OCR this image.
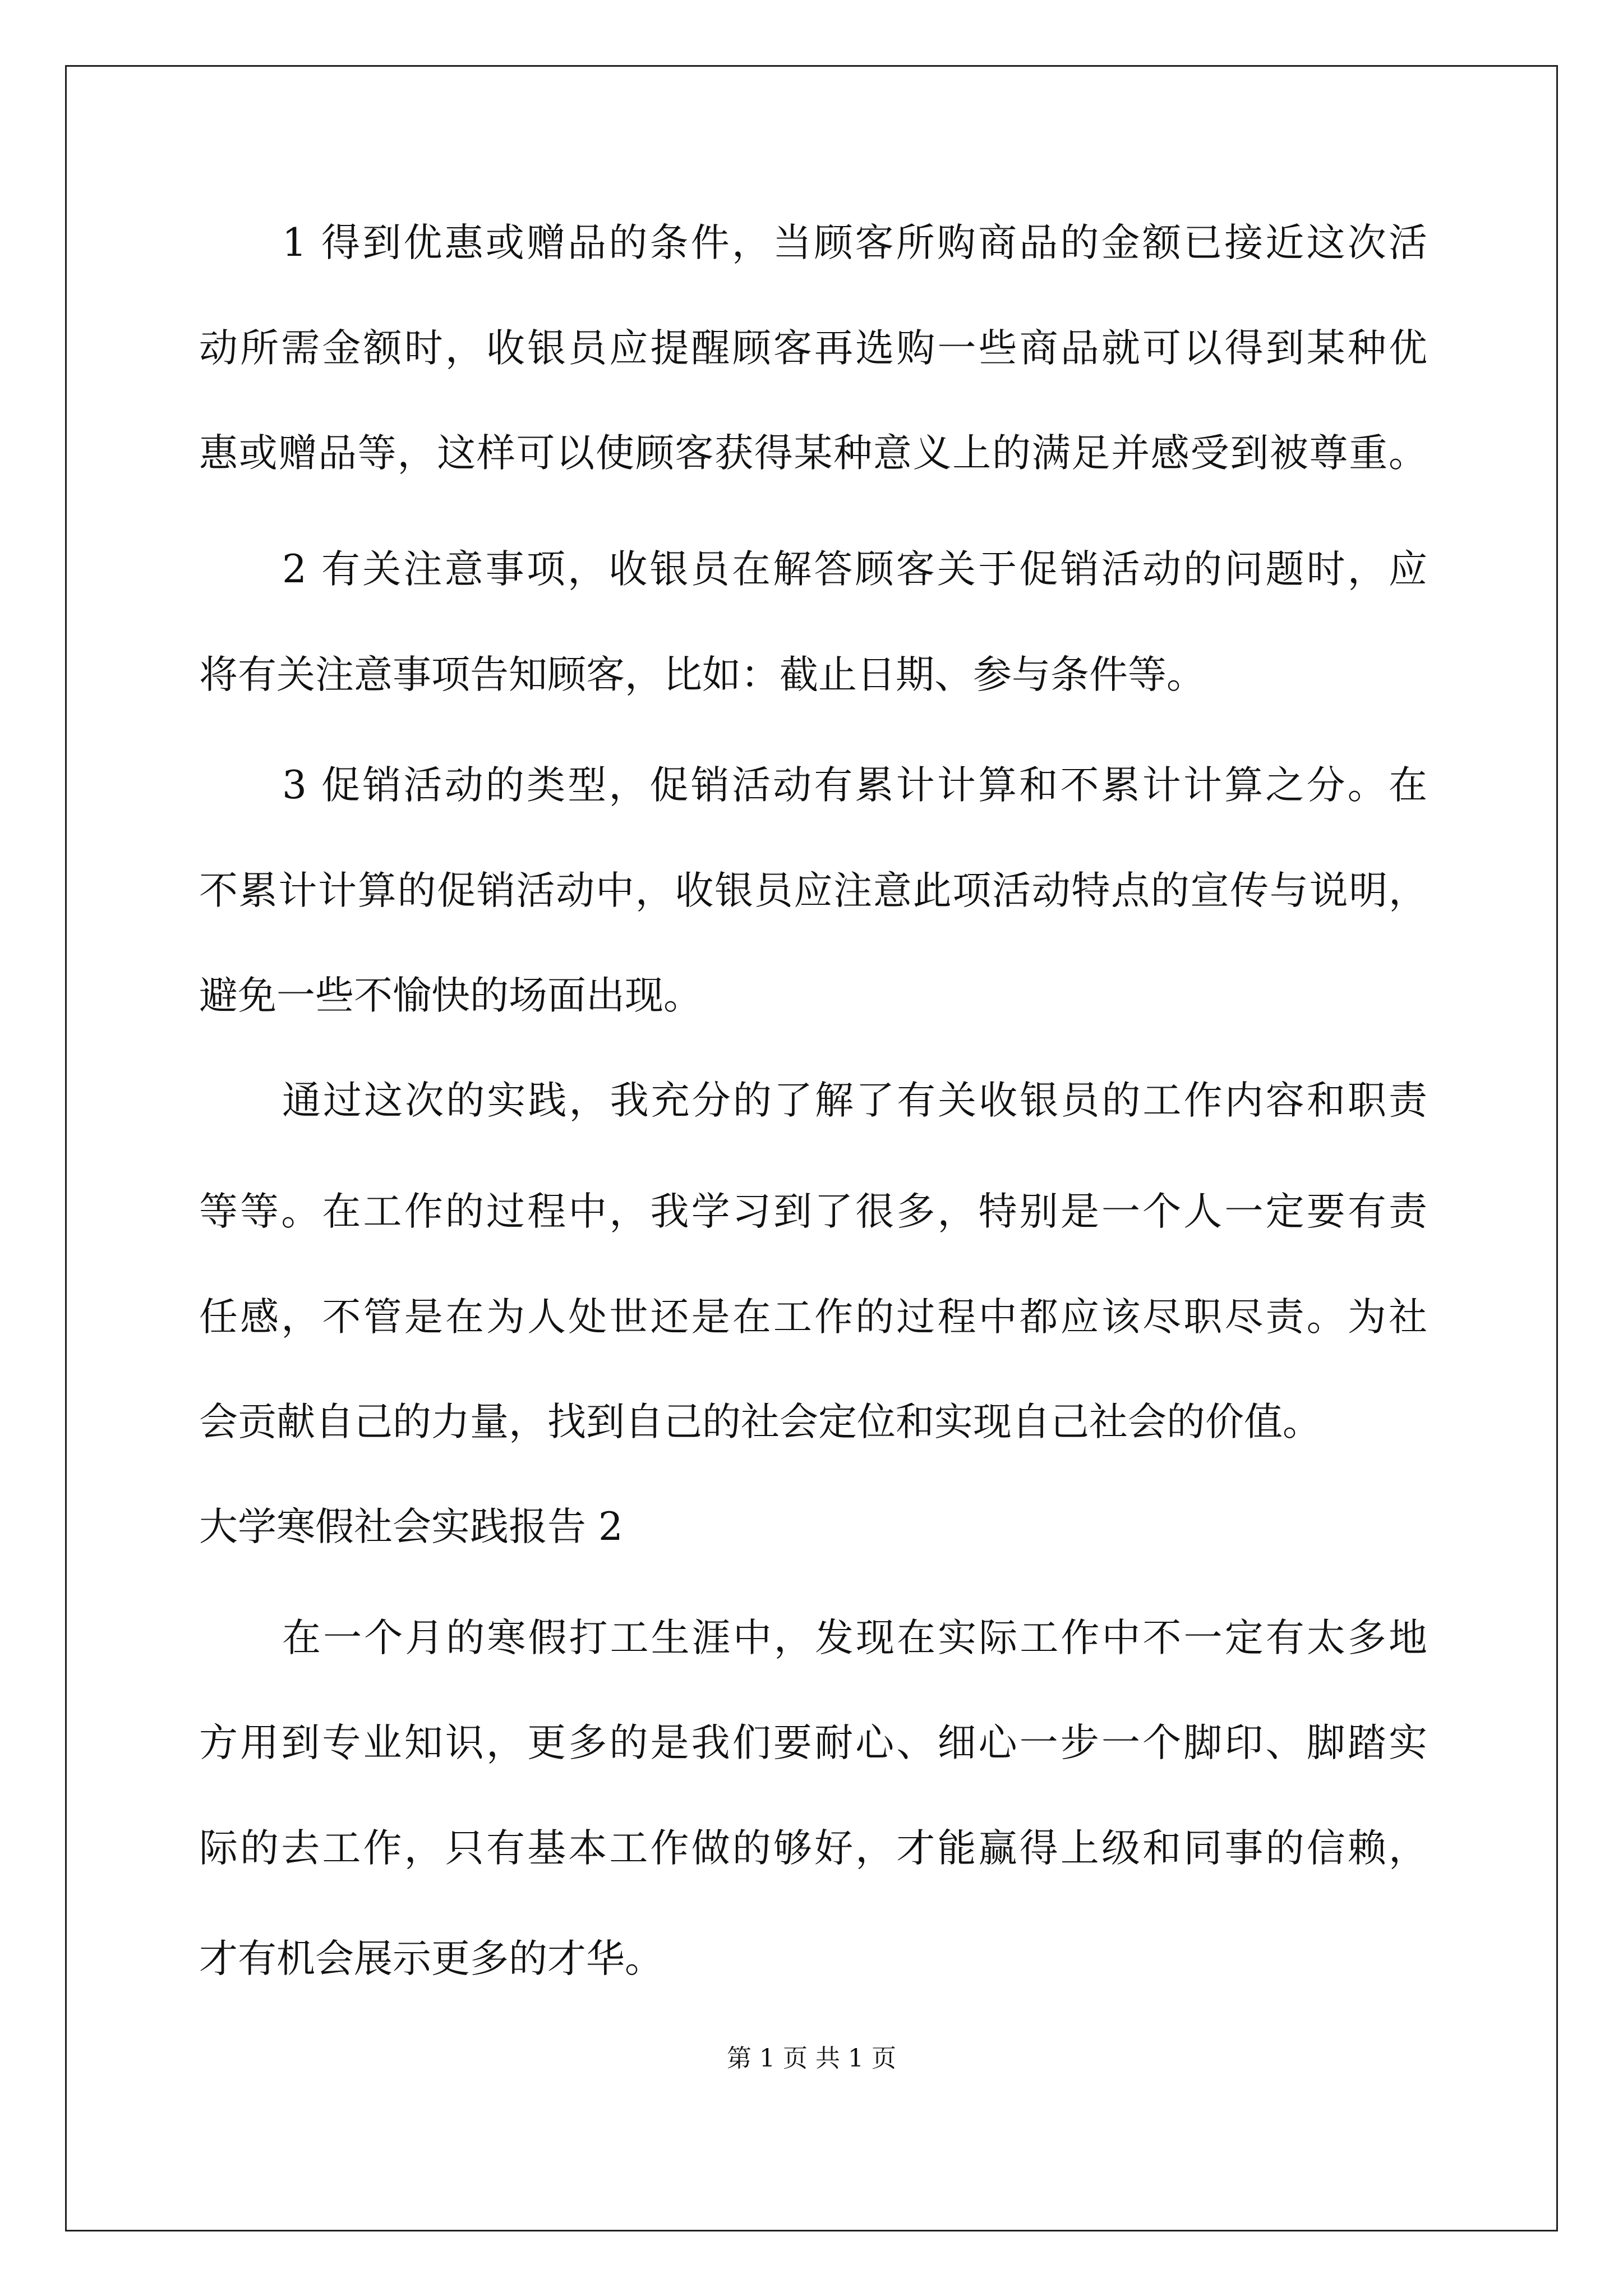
1 得到优惠或赠品的条件，当顾客所购商品的金额已接近这次活
动所需金额时，收银员应提醒顾客再选购一些商品就可以得到某种优
惠或赠品等，这样可以使顾客获得某种意义上的满足并感受到被尊重。
2 有关注意事项，收银员在解答顾客关于促销活动的问题时，应
将有关注意事项告知顾客，比如：截止日期、参与条件等。
3 促销活动的类型，促销活动有累计计算和不累计计算之分。在
不累计计算的促销活动中，收银员应注意此项活动特点的宣传与说明，
避免一些不愉快的场面出现。
通过这次的实践，我充分的了解了有关收银员的工作内容和职责
等等。在工作的过程中，我学习到了很多，特别是一个人一定要有责
任感，不管是在为人处世还是在工作的过程中都应该尽职尽责。为社
会贡献自己的力量，找到自己的社会定位和实现自己社会的价值。
大学寒假社会实践报告 2
在一个月的寒假打工生涯中，发现在实际工作中不一定有太多地
方用到专业知识，更多的是我们要耐心、细心一步一个脚印、脚踏实
际的去工作，只有基本工作做的够好，才能赢得上级和同事的信赖，
才有机会展示更多的才华。
第 1 页 共 1 页
